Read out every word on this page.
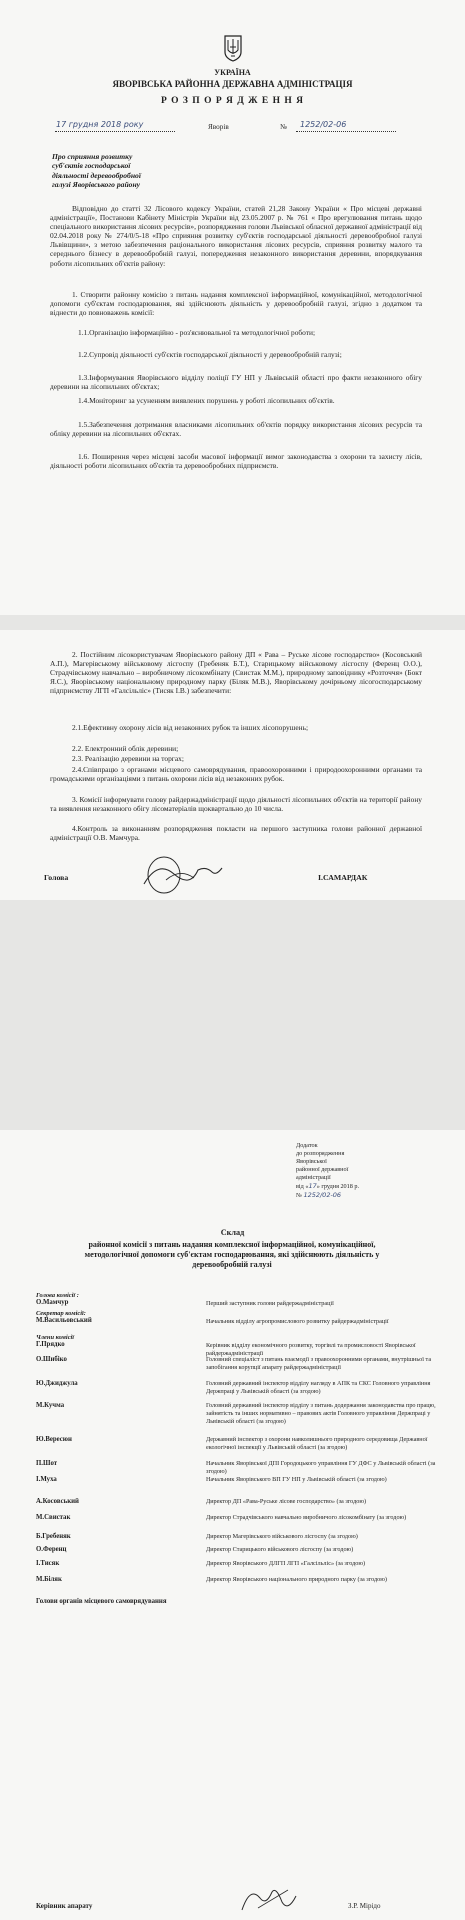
УКРАЇНА
ЯВОРІВСЬКА РАЙОННА ДЕРЖАВНА АДМІНІСТРАЦІЯ
Р О З П О Р Я Д Ж Е Н Н Я
17 грудня 2018 року	Яворів	№ 1252/02-06
Про сприяння розвитку
суб'єктів господарської
діяльності деревообробної
галузі Яворівського району
Відповідно до статті 32 Лісового кодексу України, статей 21,28 Закону України « Про місцеві державні адміністрації», Постанови Кабінету Міністрів України від 23.05.2007 р. № 761 « Про врегулювання питань щодо спеціального використання лісових ресурсів», розпорядження голови Львівської обласної державної адміністрації від 02.04.2018 року № 274/0/5-18 «Про сприяння розвитку суб'єктів господарської діяльності деревообробної галузі Львівщини», з метою забезпечення раціонального використання лісових ресурсів, сприяння розвитку малого та середнього бізнесу в деревообробній галузі, попередження незаконного використання деревини, впорядкування роботи лісопильних об'єктів району:
1. Створити районну комісію з питань надання комплексної інформаційної, комунікаційної, методологічної допомоги суб'єктам господарювання, які здійснюють діяльність у деревообробній галузі, згідно з додатком та віднести до повноважень комісії:
1.1.Організацію інформаційно - роз'яснювальної та методологічної роботи;
1.2.Супровід діяльності суб'єктів господарської діяльності у деревообробній галузі;
1.3.Інформування Яворівського відділу поліції ГУ НП у Львівській області про факти незаконного обігу деревини на лісопильних об'єктах;
1.4.Моніторинг за усуненням виявлених порушень у роботі лісопильних об'єктів.
1.5.Забезпечення дотримання власниками лісопильних об'єктів порядку використання лісових ресурсів та обліку деревини на лісопильних об'єктах.
1.6. Поширення через місцеві засоби масової інформації вимог законодавства з охорони та захисту лісів, діяльності роботи лісопильних об'єктів та деревообробних підприємств.
2. Постійним лісокористувачам Яворівського району ДП « Рава – Руське лісове господарство» (Косовський А.П.), Магерівському військовому лісгоспу (Гребеняк Б.Т.), Старицькому військовому лісгоспу (Ференц О.О.), Страдчівському навчально – виробничому лісокомбінату (Свистак М.М.), природному заповіднику «Розточчя» (Бокт Я.С.), Яворівському національному природному парку (Біляк М.В.), Яворівському дочірньому лісогосподарському підприємству ЛГП «Галсільліс» (Тисяк І.В.) забезпечити:
2.1.Ефективну охорону лісів від незаконних рубок та інших лісопорушень;
2.2. Електронний облік деревини;
2.3. Реалізацію деревини на торгах;
2.4.Співпрацю з органами місцевого самоврядування, правоохоронними і природоохоронними органами та громадськими організаціями з питань охорони лісів від незаконних рубок.
3. Комісії інформувати голову райдержадміністрації щодо діяльності лісопильних об'єктів на території району та виявлення незаконного обігу лісоматеріалів щоквартально до 10 числа.
4.Контроль за виконанням розпорядження покласти на першого заступника голови районної державної адміністрації О.В. Мамчура.
Голова	І.САМАРДАК
Додаток
до розпорядження
Яворівської
районної державної
адміністрації
від «17» грудня 2018 р.
№ 1252/02-06
Склад
районної комісії з питань надання комплексної інформаційної, комунікаційної, методологічної допомоги суб'єктам господарювання, які здійснюють діяльність у деревообробній галузі
Голова комісії :
О.Мамчур	Перший заступник голови райдержадміністрації
Секретар комісії:
М.Васильовський	Начальник відділу агропромислового розвитку райдержадміністрації
Члени комісії
Г.Прядко	Керівник відділу економічного розвитку, торгівлі та промисловості Яворівської райдержадміністрації
О.Шибіко	Головний спеціаліст з питань взаємодії з правоохоронними органами, внутрішньої та запобігання корупції апарату райдержадміністрації
Ю.Джиджула	Головний державний інспектор відділу нагляду в АПК та СКС Головного управління Держпраці у Львівській області (за згодою)
М.Кучма	Головний державний інспектор відділу з питань додержання законодавства про працю, зайнятість та інших нормативно – правових актів Головного управління Держпраці у Львівській області (за згодою)
Ю.Вересюн	Державний інспектор з охорони навколишнього природного середовища Державної екологічної інспекції у Львівській області (за згодою)
П.Шот	Начальник Яворівської ДПІ Городоцького управління ГУ ДФС у Львівській області (за згодою)
І.Муха	Начальник Яворівського ВП ГУ НП у Львівській області (за згодою)
А.Косовський	Директор ДП «Рава-Руське лісове господарство» (за згодою)
М.Свистак	Директор Страдчівського навчально виробничого лісокомбінату (за згодою)
Б.Гребеняк	Директор Магерівського військового лісгоспу (за згодою)
О.Ференц	Директор Старицького військового лісгоспу (за згодою)
І.Тисяк	Директор Яворівського ДЛГП ЛГП «Галсільліс» (за згодою)
М.Біляк	Директор Яворівського національного природного парку (за згодою)
Голови органів місцевого самоврядування
Керівник апарату	З.Р. Мірідо
